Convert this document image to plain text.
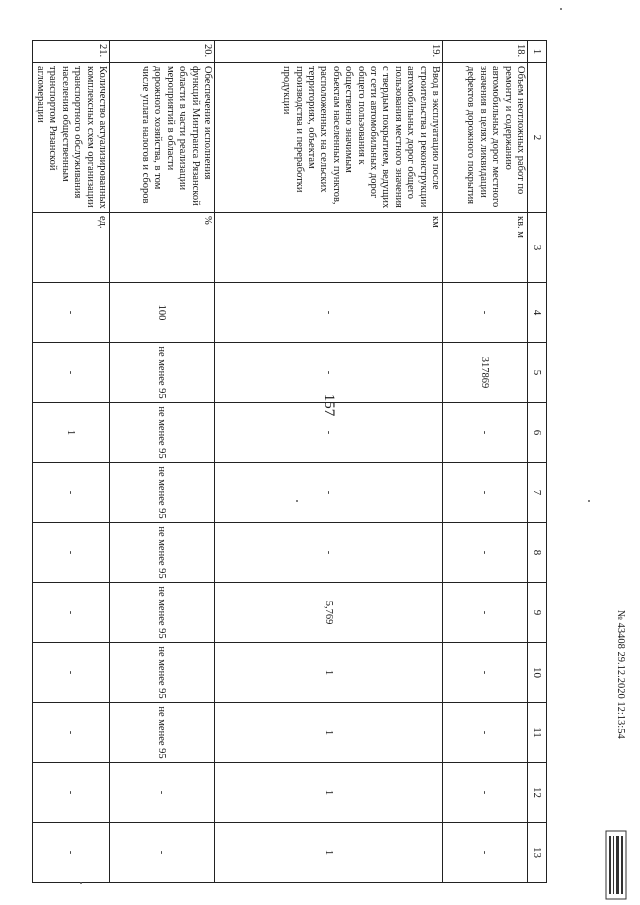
157
1	2	3	4	5	6	7	8	9	10	11	12	13
18.	Объем неотложных работ по ремонту и содержанию автомобильных дорог местного значения в целях ликвидации дефектов дорожного покрытия	кв. м	-	317869	-	-	-	-	-	-	-	-
19.	Ввод в эксплуатацию после строительства и реконструкции автомобильных дорог общего пользования местного значения с твердым покрытием, ведущих от сети автомобильных дорог общего пользования к общественно значимым объектам населенных пунктов, расположенных на сельских территориях, объектам производства и переработки продукции	км	-	-	-	-	-	5,769	1	1	1	1
20.	Обеспечение исполнения функций Минтранса Рязанской области в части реализации мероприятий в области дорожного хозяйства, в том числе уплата налогов и сборов	%	100	не менее 95	не менее 95	не менее 95	не менее 95	не менее 95	не менее 95	не менее 95	-	-
21.	Количество актуализированных комплексных схем организации транспортного обслуживания населения общественным транспортом Рязанской агломерации	ед.	-	-	1	-	-	-	-	-	-	-
№ 43408 29.12.2020 12:13:54
